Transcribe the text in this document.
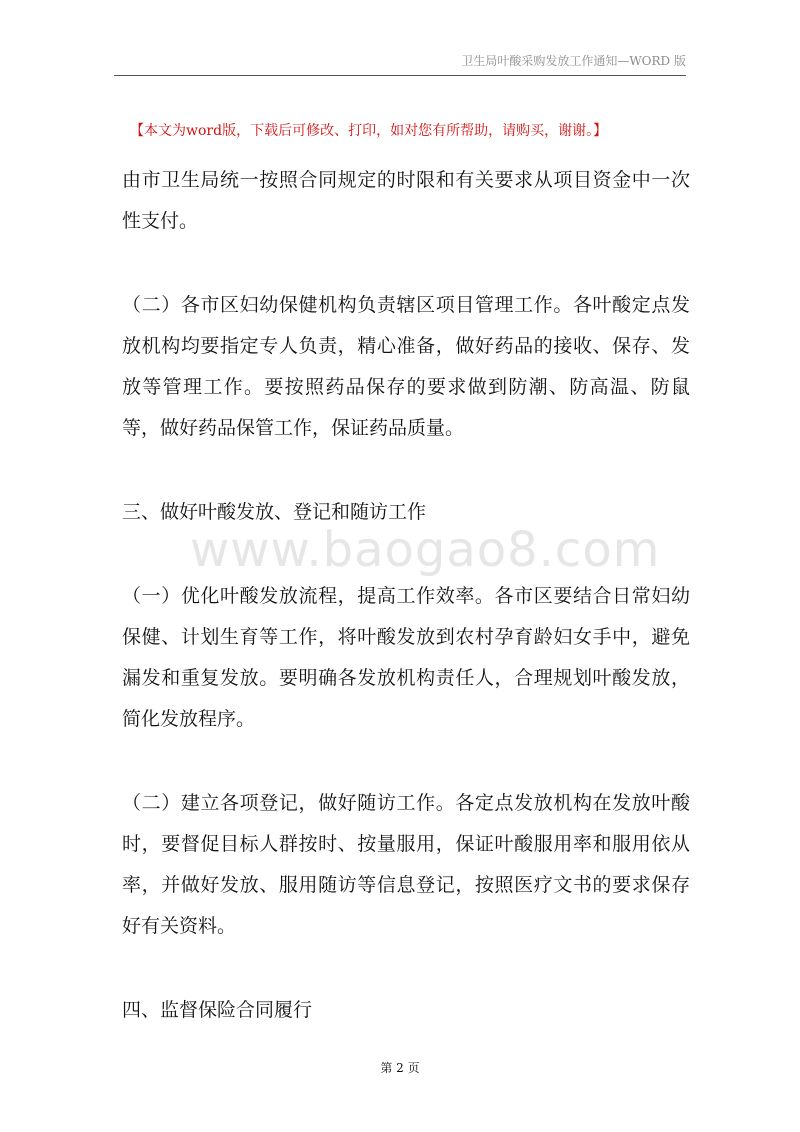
卫生局叶酸采购发放工作通知—WORD 版
【本文为word版，下载后可修改、打印，如对您有所帮助，请购买，谢谢。】
www.baogao8.com

由市卫生局统一按照合同规定的时限和有关要求从项目资金中一次性支付。

（二）各市区妇幼保健机构负责辖区项目管理工作。各叶酸定点发放机构均要指定专人负责，精心准备，做好药品的接收、保存、发放等管理工作。要按照药品保存的要求做到防潮、防高温、防鼠等，做好药品保管工作，保证药品质量。

三、做好叶酸发放、登记和随访工作

（一）优化叶酸发放流程，提高工作效率。各市区要结合日常妇幼保健、计划生育等工作，将叶酸发放到农村孕育龄妇女手中，避免漏发和重复发放。要明确各发放机构责任人，合理规划叶酸发放，简化发放程序。

（二）建立各项登记，做好随访工作。各定点发放机构在发放叶酸时，要督促目标人群按时、按量服用，保证叶酸服用率和服用依从率，并做好发放、服用随访等信息登记，按照医疗文书的要求保存好有关资料。

四、监督保险合同履行

第 2 页
